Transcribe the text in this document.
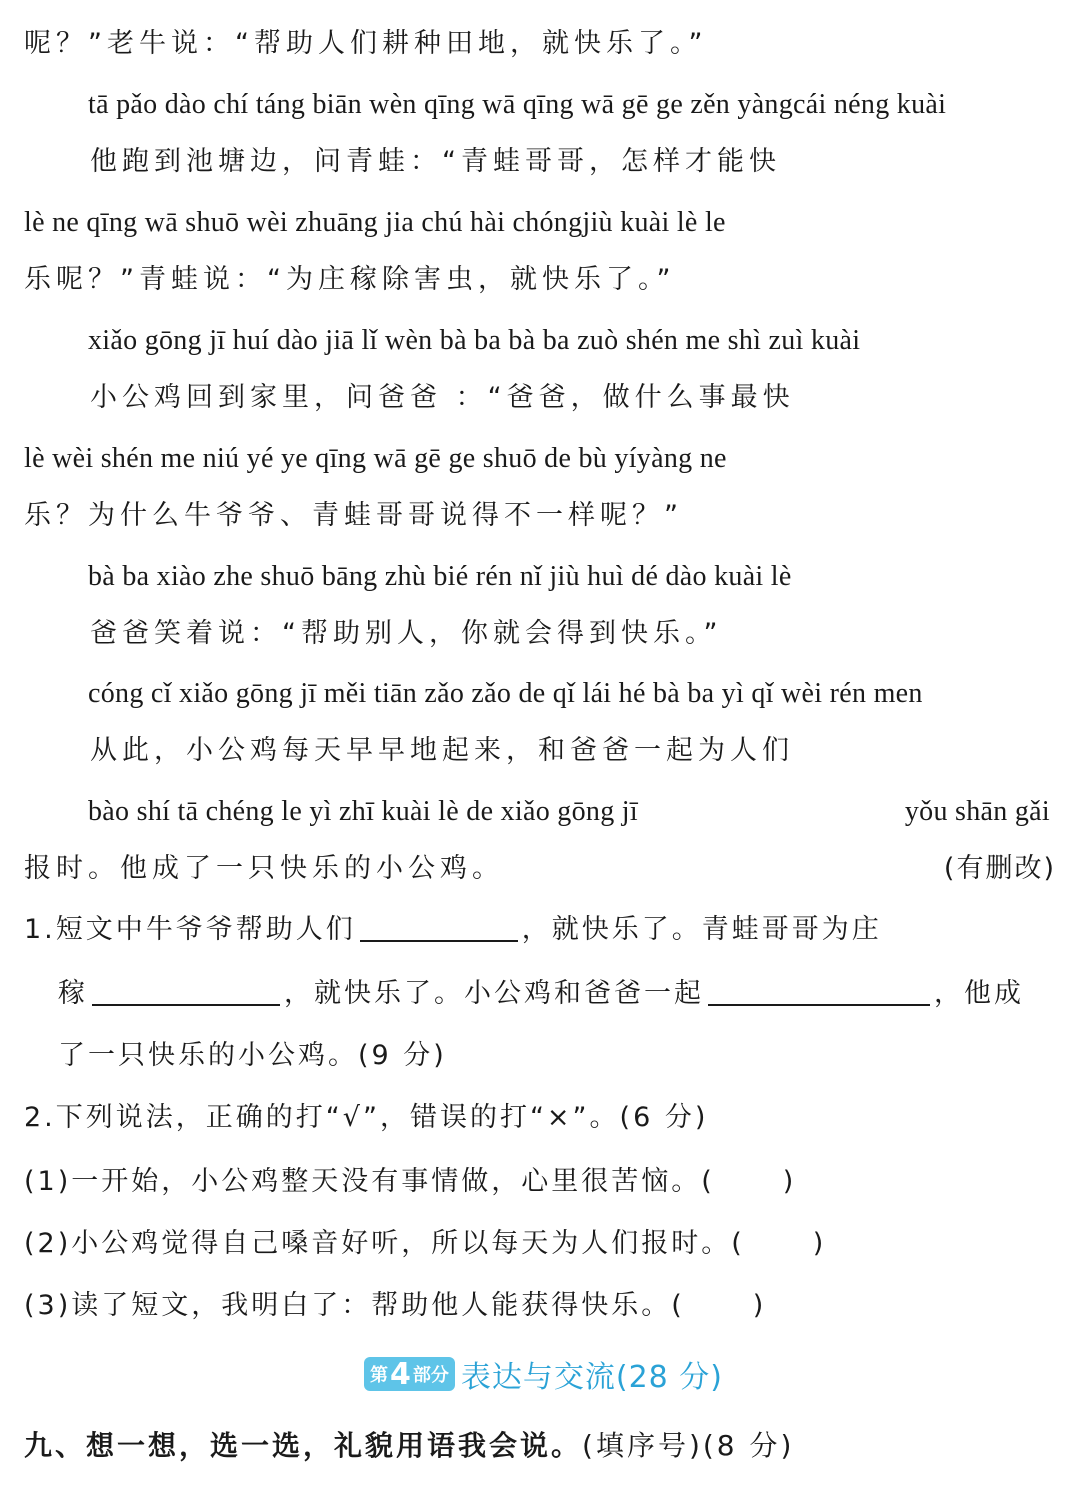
呢？”老牛说：“帮助人们耕种田地，就快乐了。”
tā pǎo dào chí táng biān wèn qīng wā qīng wā gē ge zěn yàngcái néng kuài
他跑到池塘边，问青蛙：“青蛙哥哥，怎样才能快
lè ne qīng wā shuō wèi zhuāng jia chú hài chóngjiù kuài lè le
乐呢？”青蛙说：“为庄稼除害虫，就快乐了。”
xiǎo gōng jī huí dào jiā lǐ wèn bà ba bà ba zuò shén me shì zuì kuài
小公鸡回到家里，问爸爸 ：“爸爸，做什么事最快
lè wèi shén me niú yé ye qīng wā gē ge shuō de bù yíyàng ne
乐？为什么牛爷爷、青蛙哥哥说得不一样呢？”
bà ba xiào zhe shuō bāng zhù bié rén nǐ jiù huì dé dào kuài lè
爸爸笑着说：“帮助别人，你就会得到快乐。”
cóng cǐ xiǎo gōng jī měi tiān zǎo zǎo de qǐ lái hé bà ba yì qǐ wèi rén men
从此，小公鸡每天早早地起来，和爸爸一起为人们
bào shí tā chéng le yì zhī kuài lè de xiǎo gōng jī	yǒu shān gǎi
报时。他成了一只快乐的小公鸡。	(有删改)
1.短文中牛爷爷帮助人们	，就快乐了。青蛙哥哥为庄
稼	，就快乐了。小公鸡和爸爸一起	，他成
了一只快乐的小公鸡。(9 分)
2.下列说法，正确的打“√”，错误的打“×”。(6 分)
(1)一开始，小公鸡整天没有事情做，心里很苦恼。(	)
(2)小公鸡觉得自己嗓音好听，所以每天为人们报时。(	)
(3)读了短文，我明白了：帮助他人能获得快乐。(	)
第 4 部分 表达与交流(28 分)
九、想一想，选一选，礼貌用语我会说。(填序号)(8 分)
